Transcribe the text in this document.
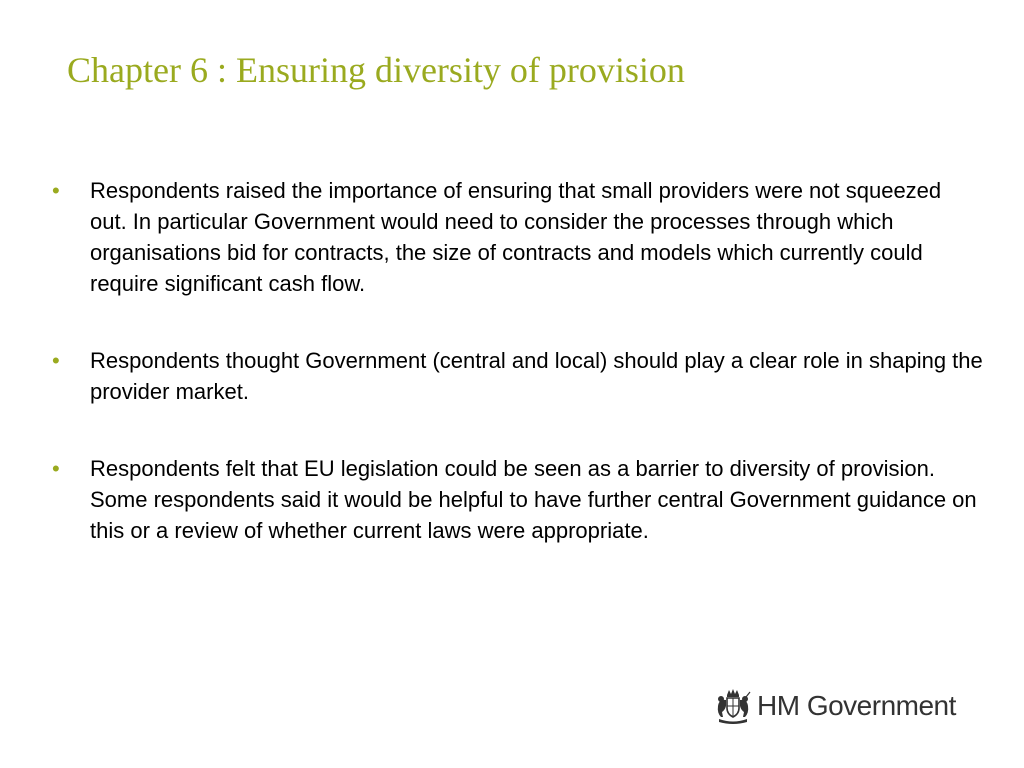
Chapter 6 : Ensuring diversity of provision
• Respondents raised the importance of ensuring that small providers were not squeezed out. In particular Government would need to consider the processes through which organisations bid for contracts, the size of contracts and models which currently could require significant cash flow.
• Respondents thought Government (central and local) should play a clear role in shaping the provider market.
• Respondents felt that EU legislation could be seen as a barrier to diversity of provision. Some respondents said it would be helpful to have further central Government guidance on this or a review of whether current laws were appropriate.
HM Government
